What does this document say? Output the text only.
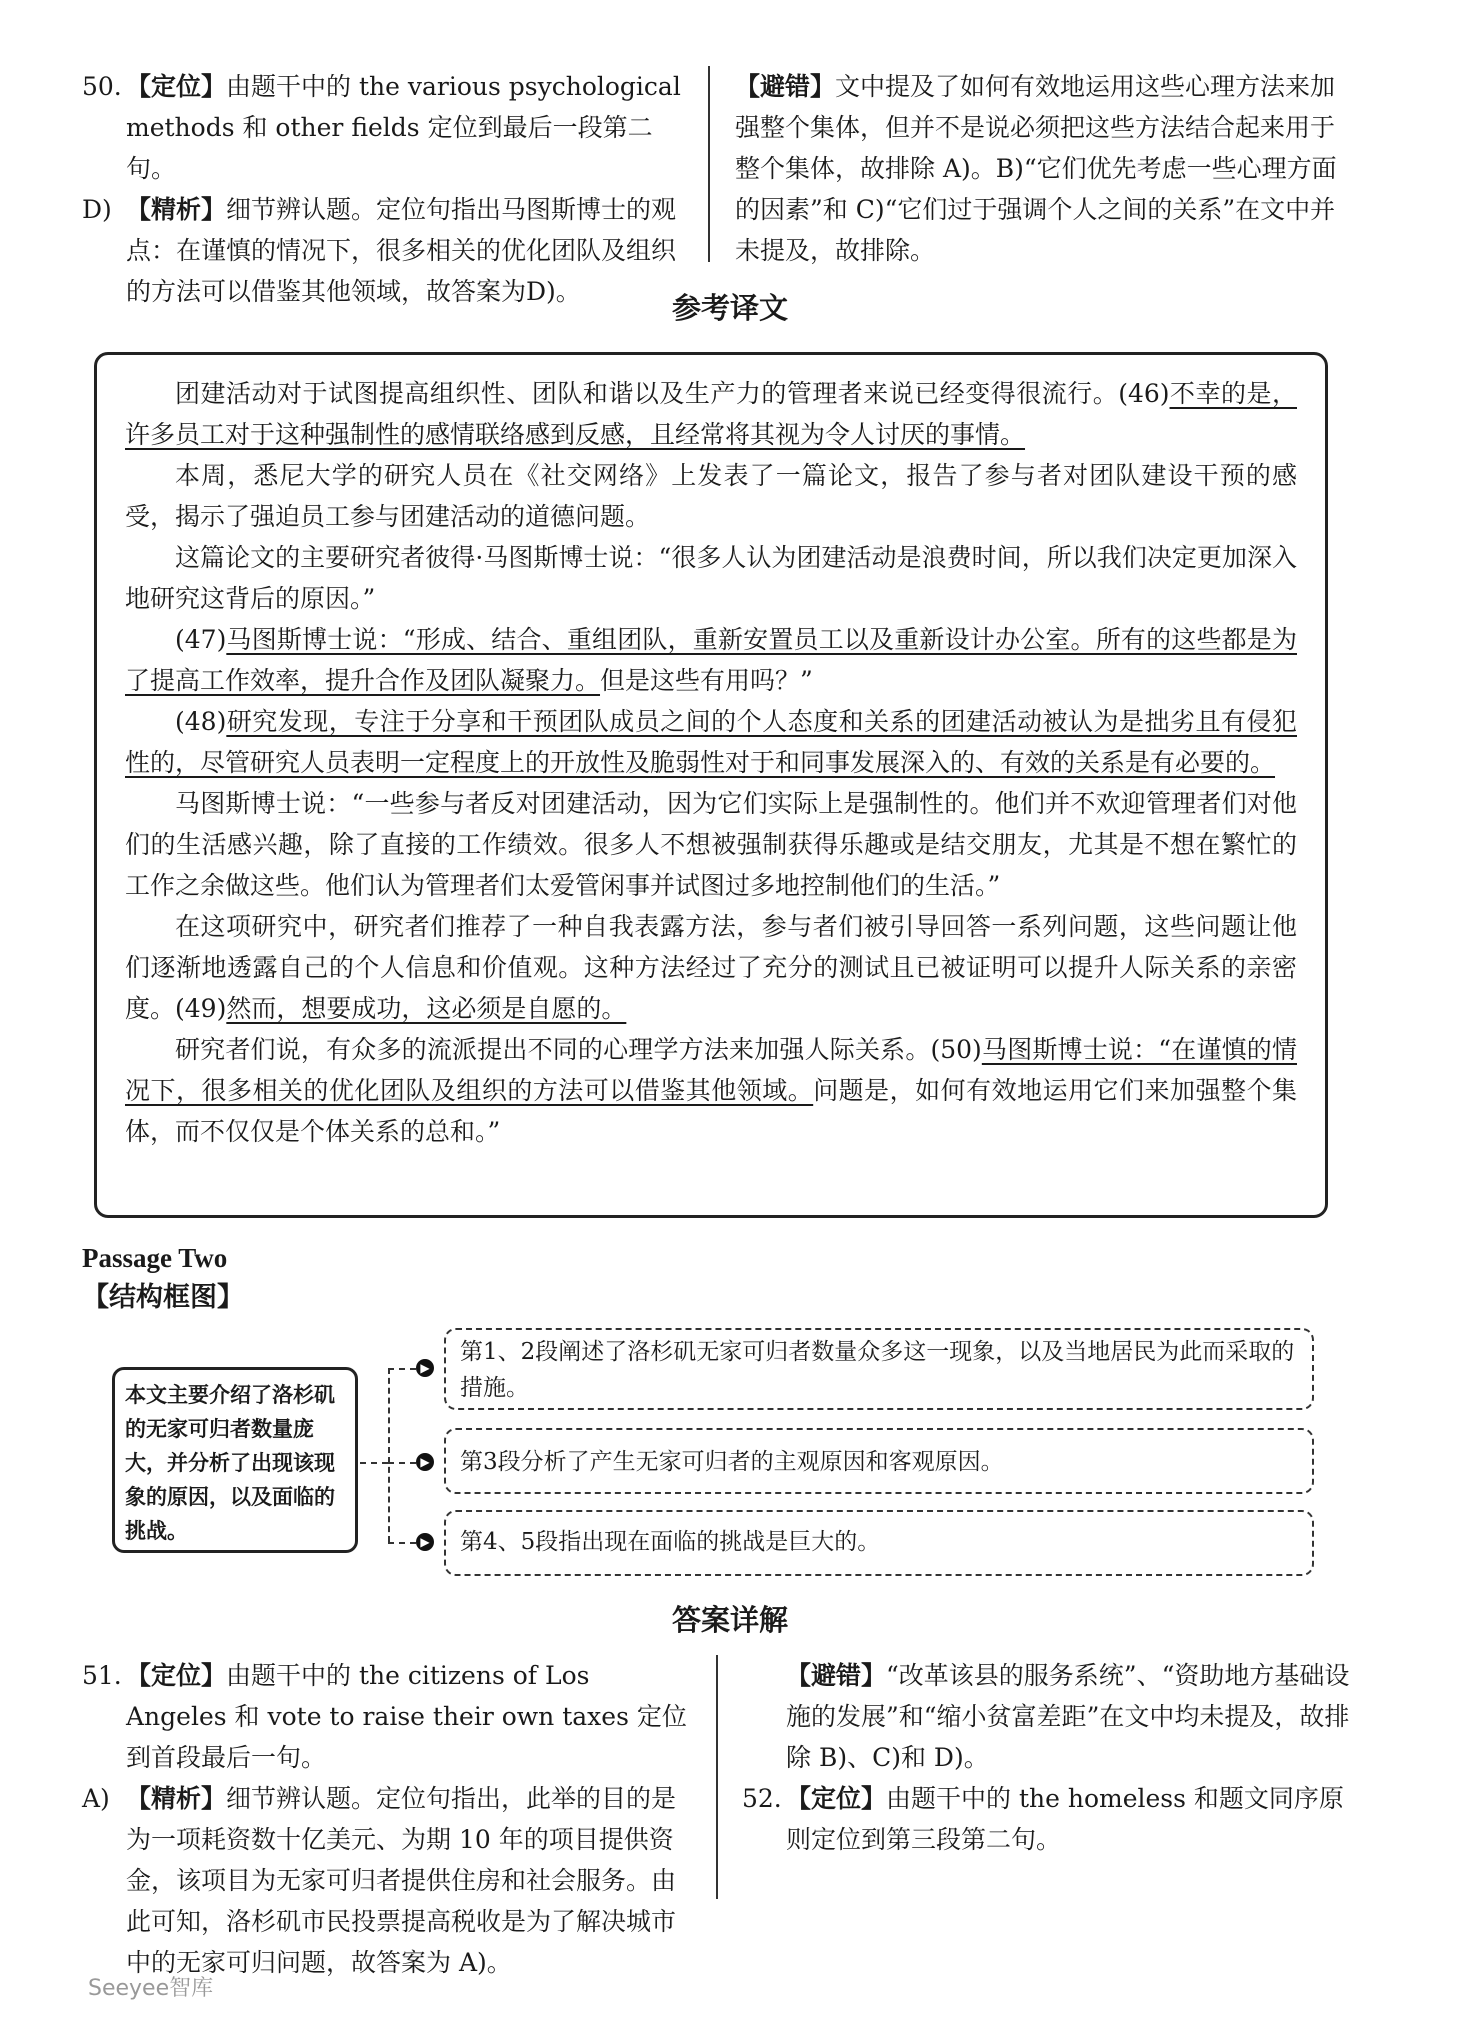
50. 【定位】由题干中的 the various psychological methods 和 other fields 定位到最后一段第二句。
D) 【精析】细节辨认题。定位句指出马图斯博士的观点：在谨慎的情况下，很多相关的优化团队及组织的方法可以借鉴其他领域，故答案为D)。
【避错】文中提及了如何有效地运用这些心理方法来加强整个集体，但并不是说必须把这些方法结合起来用于整个集体，故排除 A)。B)“它们优先考虑一些心理方面的因素”和 C)“它们过于强调个人之间的关系”在文中并未提及，故排除。
参考译文

团建活动对于试图提高组织性、团队和谐以及生产力的管理者来说已经变得很流行。(46)不幸的是，许多员工对于这种强制性的感情联络感到反感，且经常将其视为令人讨厌的事情。

本周，悉尼大学的研究人员在《社交网络》上发表了一篇论文，报告了参与者对团队建设干预的感受，揭示了强迫员工参与团建活动的道德问题。

这篇论文的主要研究者彼得·马图斯博士说：“很多人认为团建活动是浪费时间，所以我们决定更加深入地研究这背后的原因。”

(47)马图斯博士说：“形成、结合、重组团队，重新安置员工以及重新设计办公室。所有的这些都是为了提高工作效率，提升合作及团队凝聚力。但是这些有用吗？”

(48)研究发现，专注于分享和干预团队成员之间的个人态度和关系的团建活动被认为是拙劣且有侵犯性的，尽管研究人员表明一定程度上的开放性及脆弱性对于和同事发展深入的、有效的关系是有必要的。

马图斯博士说：“一些参与者反对团建活动，因为它们实际上是强制性的。他们并不欢迎管理者们对他们的生活感兴趣，除了直接的工作绩效。很多人不想被强制获得乐趣或是结交朋友，尤其是不想在繁忙的工作之余做这些。他们认为管理者们太爱管闲事并试图过多地控制他们的生活。”

在这项研究中，研究者们推荐了一种自我表露方法，参与者们被引导回答一系列问题，这些问题让他们逐渐地透露自己的个人信息和价值观。这种方法经过了充分的测试且已被证明可以提升人际关系的亲密度。(49)然而，想要成功，这必须是自愿的。

研究者们说，有众多的流派提出不同的心理学方法来加强人际关系。(50)马图斯博士说：“在谨慎的情况下，很多相关的优化团队及组织的方法可以借鉴其他领域。问题是，如何有效地运用它们来加强整个集体，而不仅仅是个体关系的总和。”

Passage Two
【结构框图】
本文主要介绍了洛杉矶的无家可归者数量庞大，并分析了出现该现象的原因，以及面临的挑战。
▶
▶
▶
第1、2段阐述了洛杉矶无家可归者数量众多这一现象，以及当地居民为此而采取的措施。
第3段分析了产生无家可归者的主观原因和客观原因。
第4、5段指出现在面临的挑战是巨大的。
答案详解
51. 【定位】由题干中的 the citizens of Los Angeles 和 vote to raise their own taxes 定位到首段最后一句。
A) 【精析】细节辨认题。定位句指出，此举的目的是为一项耗资数十亿美元、为期 10 年的项目提供资金，该项目为无家可归者提供住房和社会服务。由此可知，洛杉矶市民投票提高税收是为了解决城市中的无家可归问题，故答案为 A)。
【避错】“改革该县的服务系统”、“资助地方基础设施的发展”和“缩小贫富差距”在文中均未提及，故排除 B)、C)和 D)。
52. 【定位】由题干中的 the homeless 和题文同序原则定位到第三段第二句。
Seeyee智库
